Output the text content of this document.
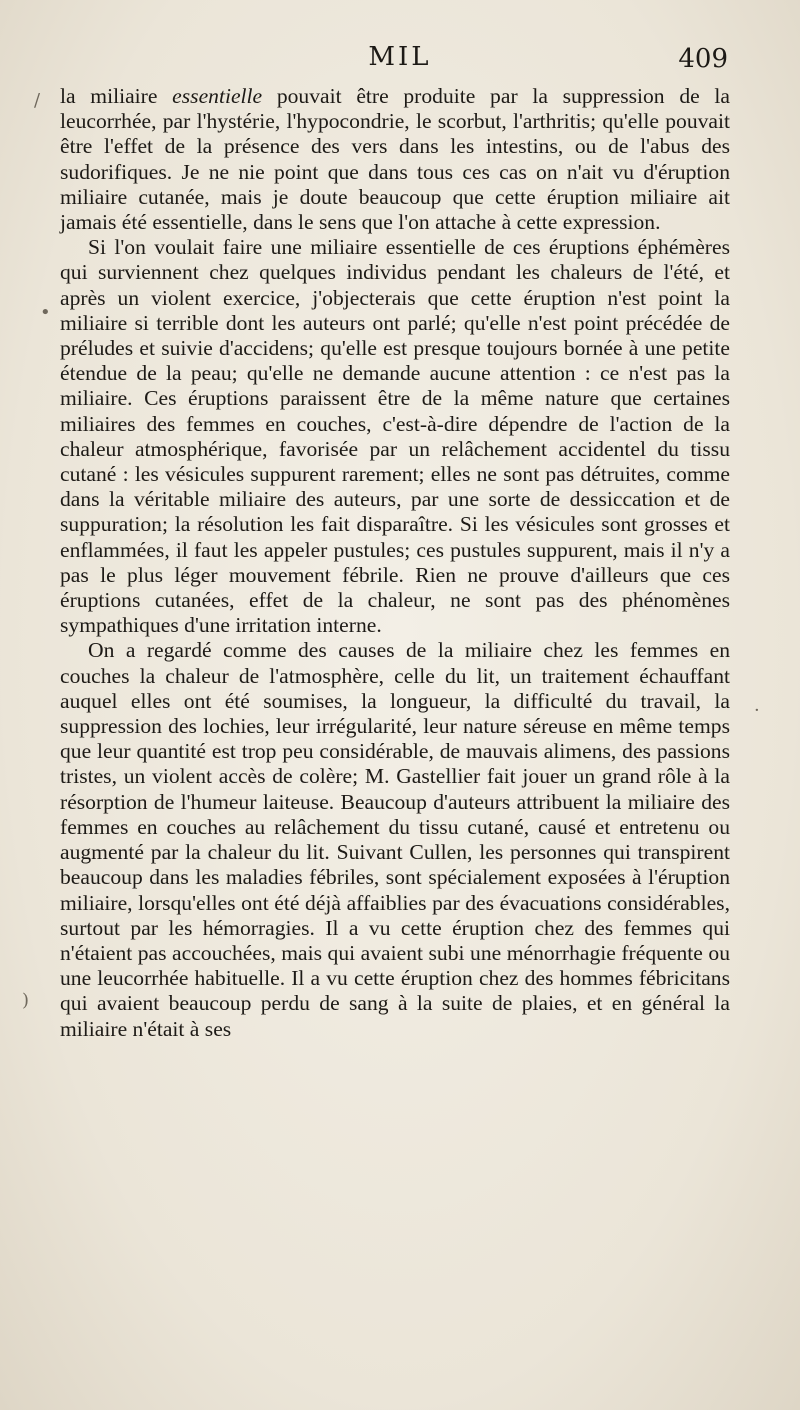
MIL	409
/
•
·
)

la miliaire essentielle pouvait être produite par la suppression de la leucorrhée, par l'hystérie, l'hypocondrie, le scorbut, l'arthritis; qu'elle pouvait être l'effet de la présence des vers dans les intestins, ou de l'abus des sudorifiques. Je ne nie point que dans tous ces cas on n'ait vu d'éruption miliaire cutanée, mais je doute beaucoup que cette éruption miliaire ait jamais été essentielle, dans le sens que l'on attache à cette expression.

Si l'on voulait faire une miliaire essentielle de ces éruptions éphémères qui surviennent chez quelques individus pendant les chaleurs de l'été, et après un violent exercice, j'objecterais que cette éruption n'est point la miliaire si terrible dont les auteurs ont parlé; qu'elle n'est point précédée de préludes et suivie d'accidens; qu'elle est presque toujours bornée à une petite étendue de la peau; qu'elle ne demande aucune attention : ce n'est pas la miliaire. Ces éruptions paraissent être de la même nature que certaines miliaires des femmes en couches, c'est-à-dire dépendre de l'action de la chaleur atmosphérique, favorisée par un relâchement accidentel du tissu cutané : les vésicules suppurent rarement; elles ne sont pas détruites, comme dans la véritable miliaire des auteurs, par une sorte de dessiccation et de suppuration; la résolution les fait disparaître. Si les vésicules sont grosses et enflammées, il faut les appeler pustules; ces pustules suppurent, mais il n'y a pas le plus léger mouvement fébrile. Rien ne prouve d'ailleurs que ces éruptions cutanées, effet de la chaleur, ne sont pas des phénomènes sympathiques d'une irritation interne.

On a regardé comme des causes de la miliaire chez les femmes en couches la chaleur de l'atmosphère, celle du lit, un traitement échauffant auquel elles ont été soumises, la longueur, la difficulté du travail, la suppression des lochies, leur irrégularité, leur nature séreuse en même temps que leur quantité est trop peu considérable, de mauvais alimens, des passions tristes, un violent accès de colère; M. Gastellier fait jouer un grand rôle à la résorption de l'humeur laiteuse. Beaucoup d'auteurs attribuent la miliaire des femmes en couches au relâchement du tissu cutané, causé et entretenu ou augmenté par la chaleur du lit. Suivant Cullen, les personnes qui transpirent beaucoup dans les maladies fébriles, sont spécialement exposées à l'éruption miliaire, lorsqu'elles ont été déjà affaiblies par des évacuations considérables, surtout par les hémorragies. Il a vu cette éruption chez des femmes qui n'étaient pas accouchées, mais qui avaient subi une ménorrhagie fréquente ou une leucorrhée habituelle. Il a vu cette éruption chez des hommes fébricitans qui avaient beaucoup perdu de sang à la suite de plaies, et en général la miliaire n'était à ses
